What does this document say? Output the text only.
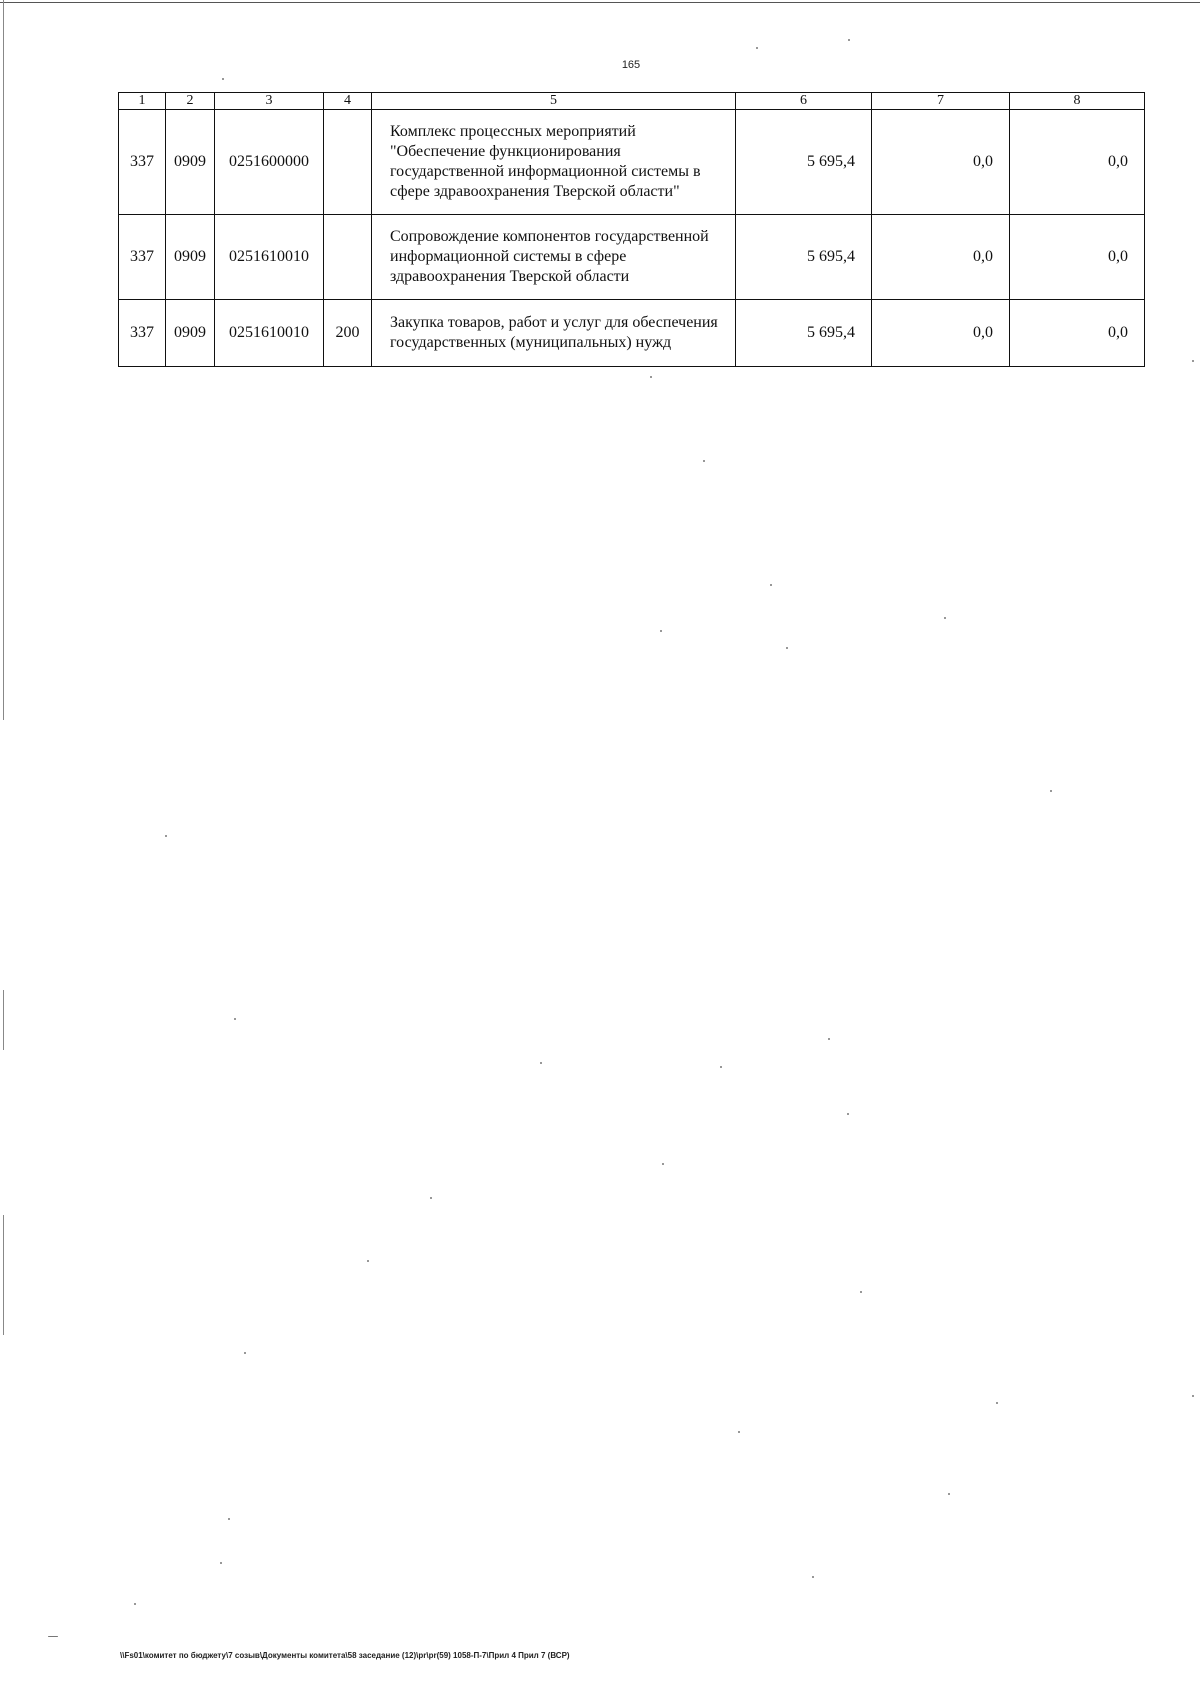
165
1	2	3	4	5	6	7	8
337	0909	0251600000		Комплекс процессных мероприятий "Обеспечение функционирования государственной информационной системы в сфере здравоохранения Тверской области"	5 695,4	0,0	0,0
337	0909	0251610010		Сопровождение компонентов государственной информационной системы в сфере здравоохранения Тверской области	5 695,4	0,0	0,0
337	0909	0251610010	200	Закупка товаров, работ и услуг для обеспечения государственных (муниципальных) нужд	5 695,4	0,0	0,0
\\Fs01\комитет по бюджету\7 созыв\Документы комитета\58 заседание (12)\pr\pr(59) 1058-П-7\Прил 4 Прил 7 (ВСР)
